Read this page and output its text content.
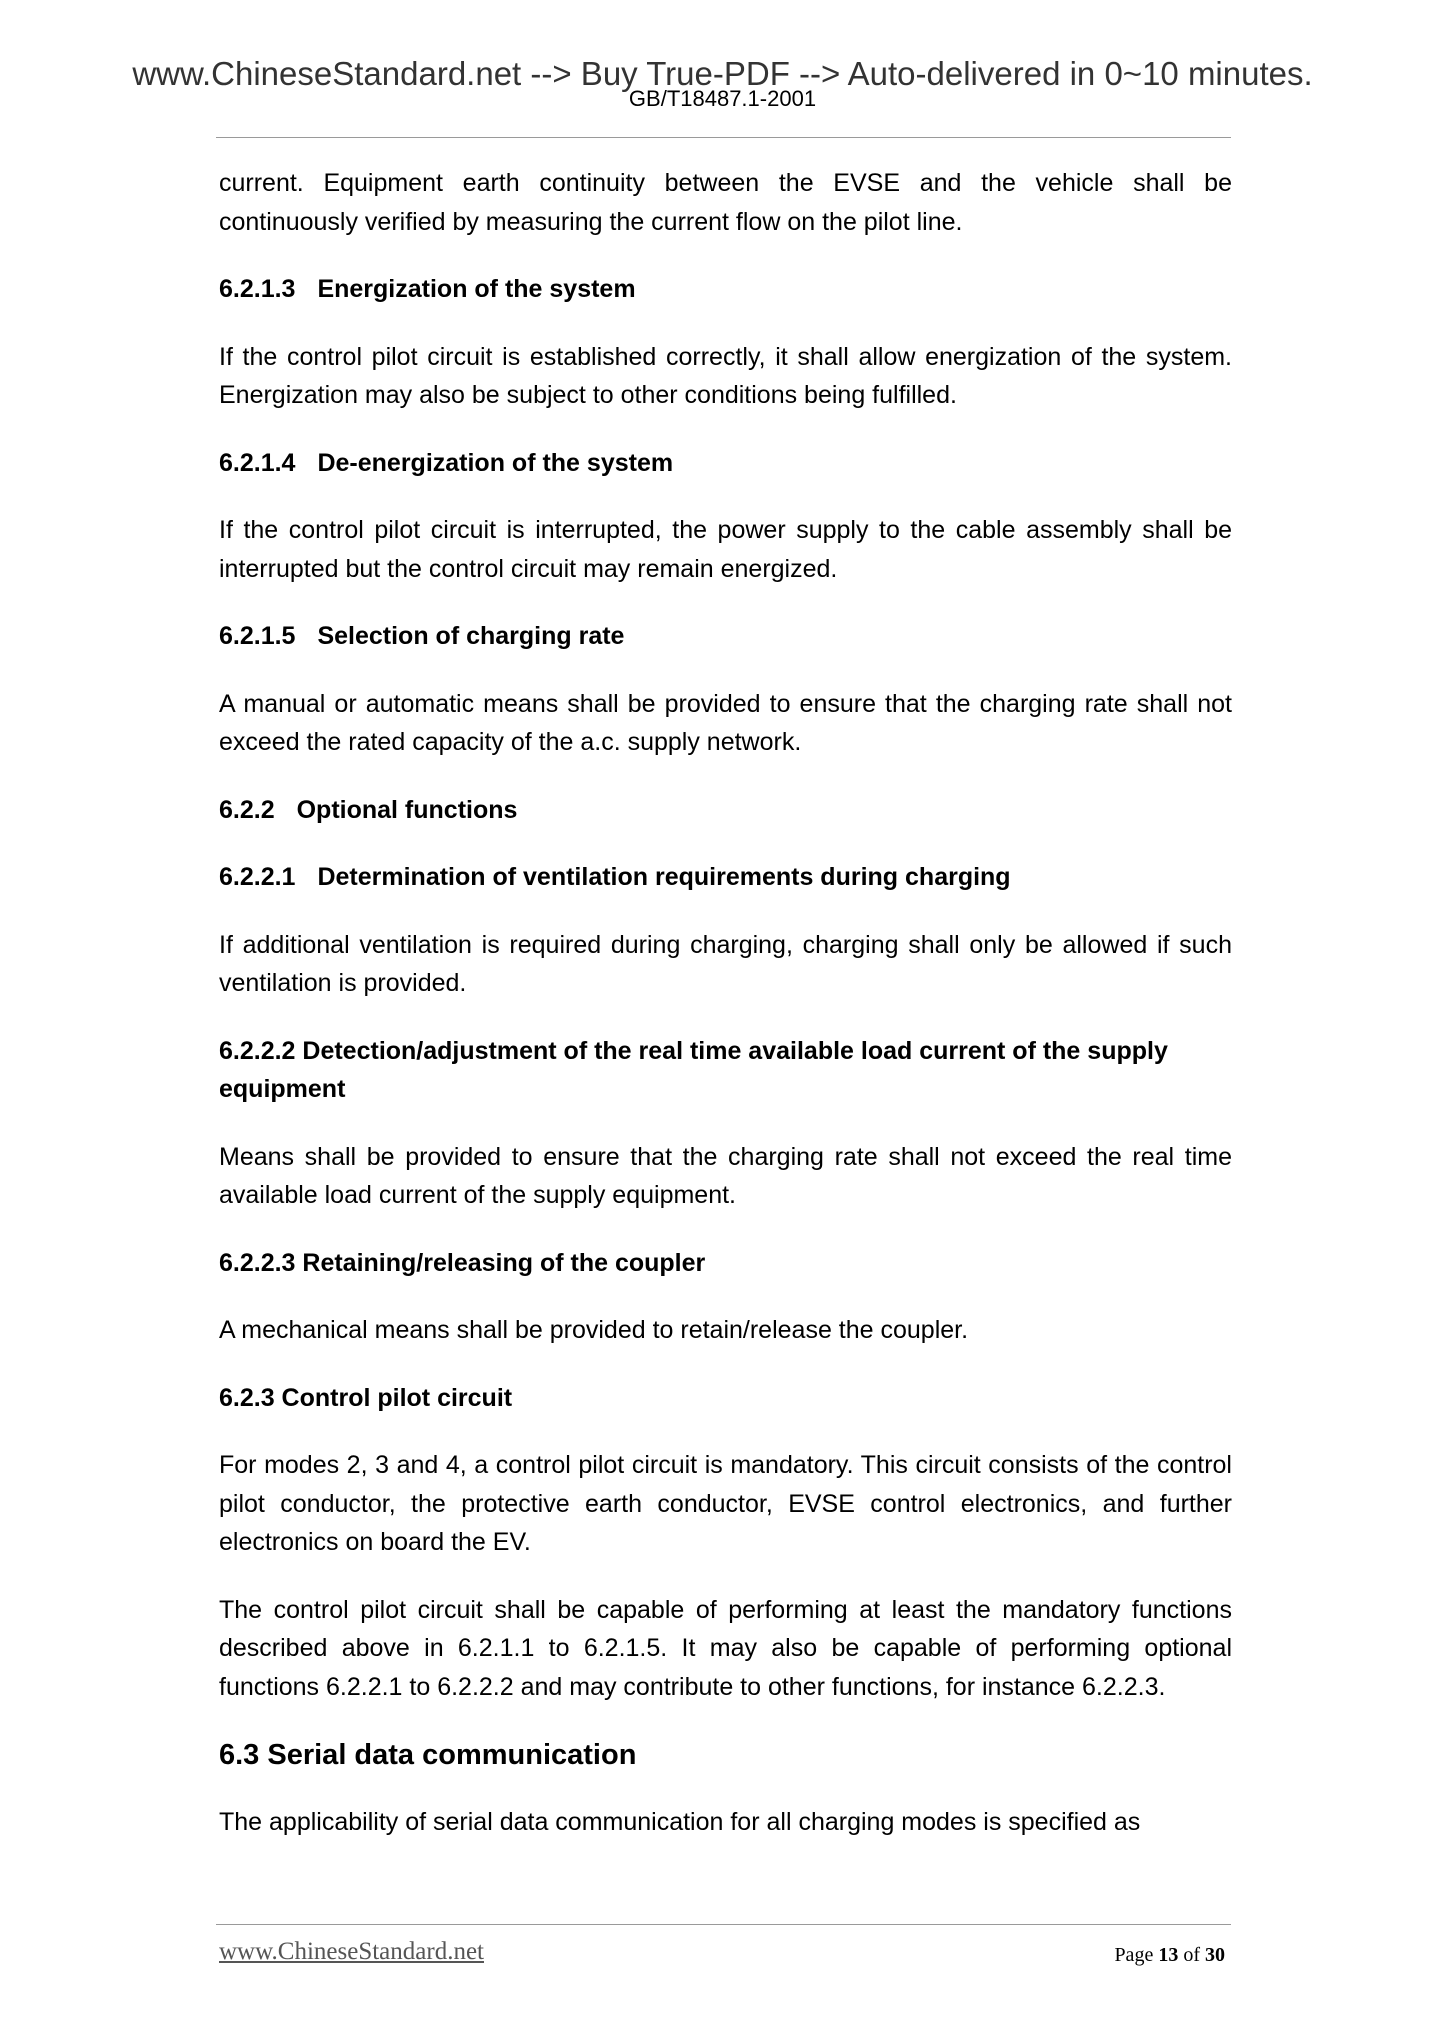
www.ChineseStandard.net --> Buy True-PDF --> Auto-delivered in 0~10 minutes.
GB/T18487.1-2001

current. Equipment earth continuity between the EVSE and the vehicle shall be continuously verified by measuring the current flow on the pilot line.

6.2.1.3 Energization of the system

If the control pilot circuit is established correctly, it shall allow energization of the system. Energization may also be subject to other conditions being fulfilled.

6.2.1.4 De-energization of the system

If the control pilot circuit is interrupted, the power supply to the cable assembly shall be interrupted but the control circuit may remain energized.

6.2.1.5 Selection of charging rate

A manual or automatic means shall be provided to ensure that the charging rate shall not exceed the rated capacity of the a.c. supply network.

6.2.2 Optional functions
6.2.2.1 Determination of ventilation requirements during charging

If additional ventilation is required during charging, charging shall only be allowed if such ventilation is provided.

6.2.2.2 Detection/adjustment of the real time available load current of the supply equipment

Means shall be provided to ensure that the charging rate shall not exceed the real time available load current of the supply equipment.

6.2.2.3 Retaining/releasing of the coupler

A mechanical means shall be provided to retain/release the coupler.

6.2.3 Control pilot circuit

For modes 2, 3 and 4, a control pilot circuit is mandatory. This circuit consists of the control pilot conductor, the protective earth conductor, EVSE control electronics, and further electronics on board the EV.

The control pilot circuit shall be capable of performing at least the mandatory functions described above in 6.2.1.1 to 6.2.1.5. It may also be capable of performing optional functions 6.2.2.1 to 6.2.2.2 and may contribute to other functions, for instance 6.2.2.3.

6.3 Serial data communication

The applicability of serial data communication for all charging modes is specified as

www.ChineseStandard.net	Page 13 of 30
